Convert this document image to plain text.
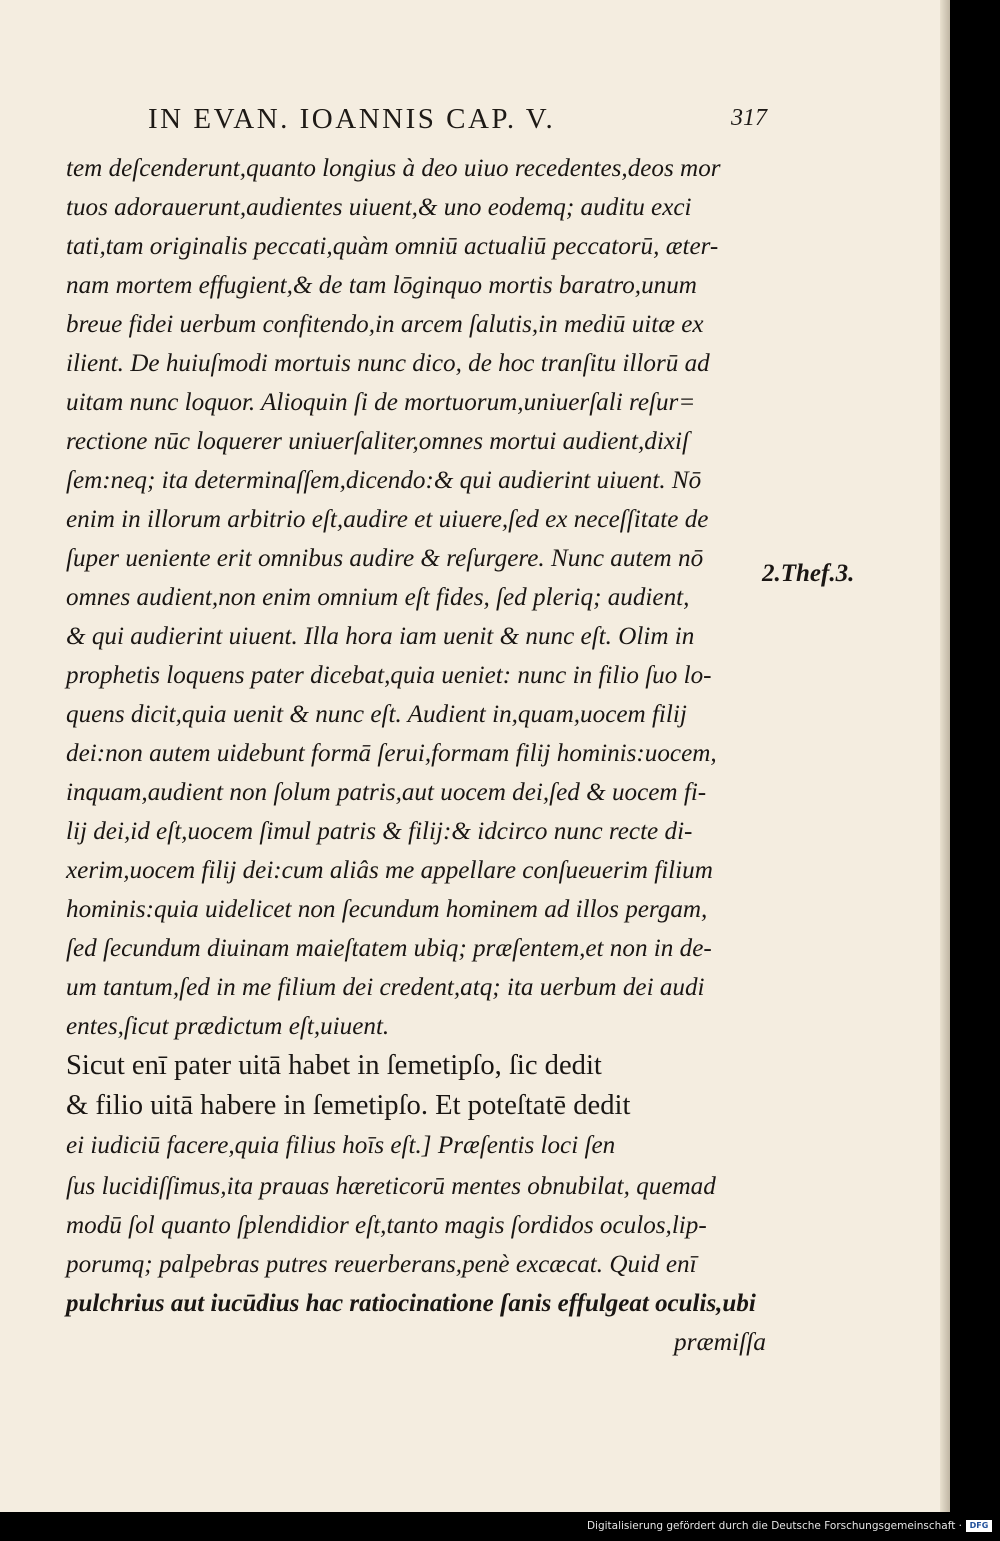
IN EVAN. IOANNIS CAP. V.	317
tem deſcenderunt,quanto longius à deo uiuo recedentes,deos mor
tuos adorauerunt,audientes uiuent,& uno eodemq; auditu exci
tati,tam originalis peccati,quàm omniū actualiū peccatorū, æter-
nam mortem effugient,& de tam lōginquo mortis baratro,unum
breue fidei uerbum confitendo,in arcem ſalutis,in mediū uitæ ex
ilient. De huiuſmodi mortuis nunc dico, de hoc tranſitu illorū ad
uitam nunc loquor. Alioquin ſi de mortuorum,uniuerſali reſur=
rectione nūc loquerer uniuerſaliter,omnes mortui audient,dixiſ
ſem:neq; ita determinaſſem,dicendo:& qui audierint uiuent. Nō
enim in illorum arbitrio eſt,audire et uiuere,ſed ex neceſſitate de
ſuper ueniente erit omnibus audire & reſurgere. Nunc autem nō
omnes audient,non enim omnium eſt fides, ſed pleriq; audient,
& qui audierint uiuent. Illa hora iam uenit & nunc eſt. Olim in
prophetis loquens pater dicebat,quia ueniet: nunc in filio ſuo lo-
quens dicit,quia uenit & nunc eſt. Audient in,quam,uocem filij
dei:non autem uidebunt formā ſerui,formam filij hominis:uocem,
inquam,audient non ſolum patris,aut uocem dei,ſed & uocem fi-
lij dei,id eſt,uocem ſimul patris & filij:& idcirco nunc recte di-
xerim,uocem filij dei:cum aliâs me appellare conſueuerim filium
hominis:quia uidelicet non ſecundum hominem ad illos pergam,
ſed ſecundum diuinam maieſtatem ubiq; præſentem,et non in de-
um tantum,ſed in me filium dei credent,atq; ita uerbum dei audi
entes,ſicut prædictum eſt,uiuent.
Sicut enī pater uitā habet in ſemetipſo, ſic dedit
& filio uitā habere in ſemetipſo. Et poteſtatē dedit
ei iudiciū facere,quia filius hoīs eſt.] Præſentis loci ſen
ſus lucidiſſimus,ita prauas hæreticorū mentes obnubilat, quemad
modū ſol quanto ſplendidior eſt,tanto magis ſordidos oculos,lip-
porumq; palpebras putres reuerberans,penè excæcat. Quid enī
pulchrius aut iucūdius hac ratiocinatione ſanis effulgeat oculis,ubi
præmiſſa
2.Thef.3.
Digitalisierung gefördert durch die Deutsche Forschungsgemeinschaft · DFG
